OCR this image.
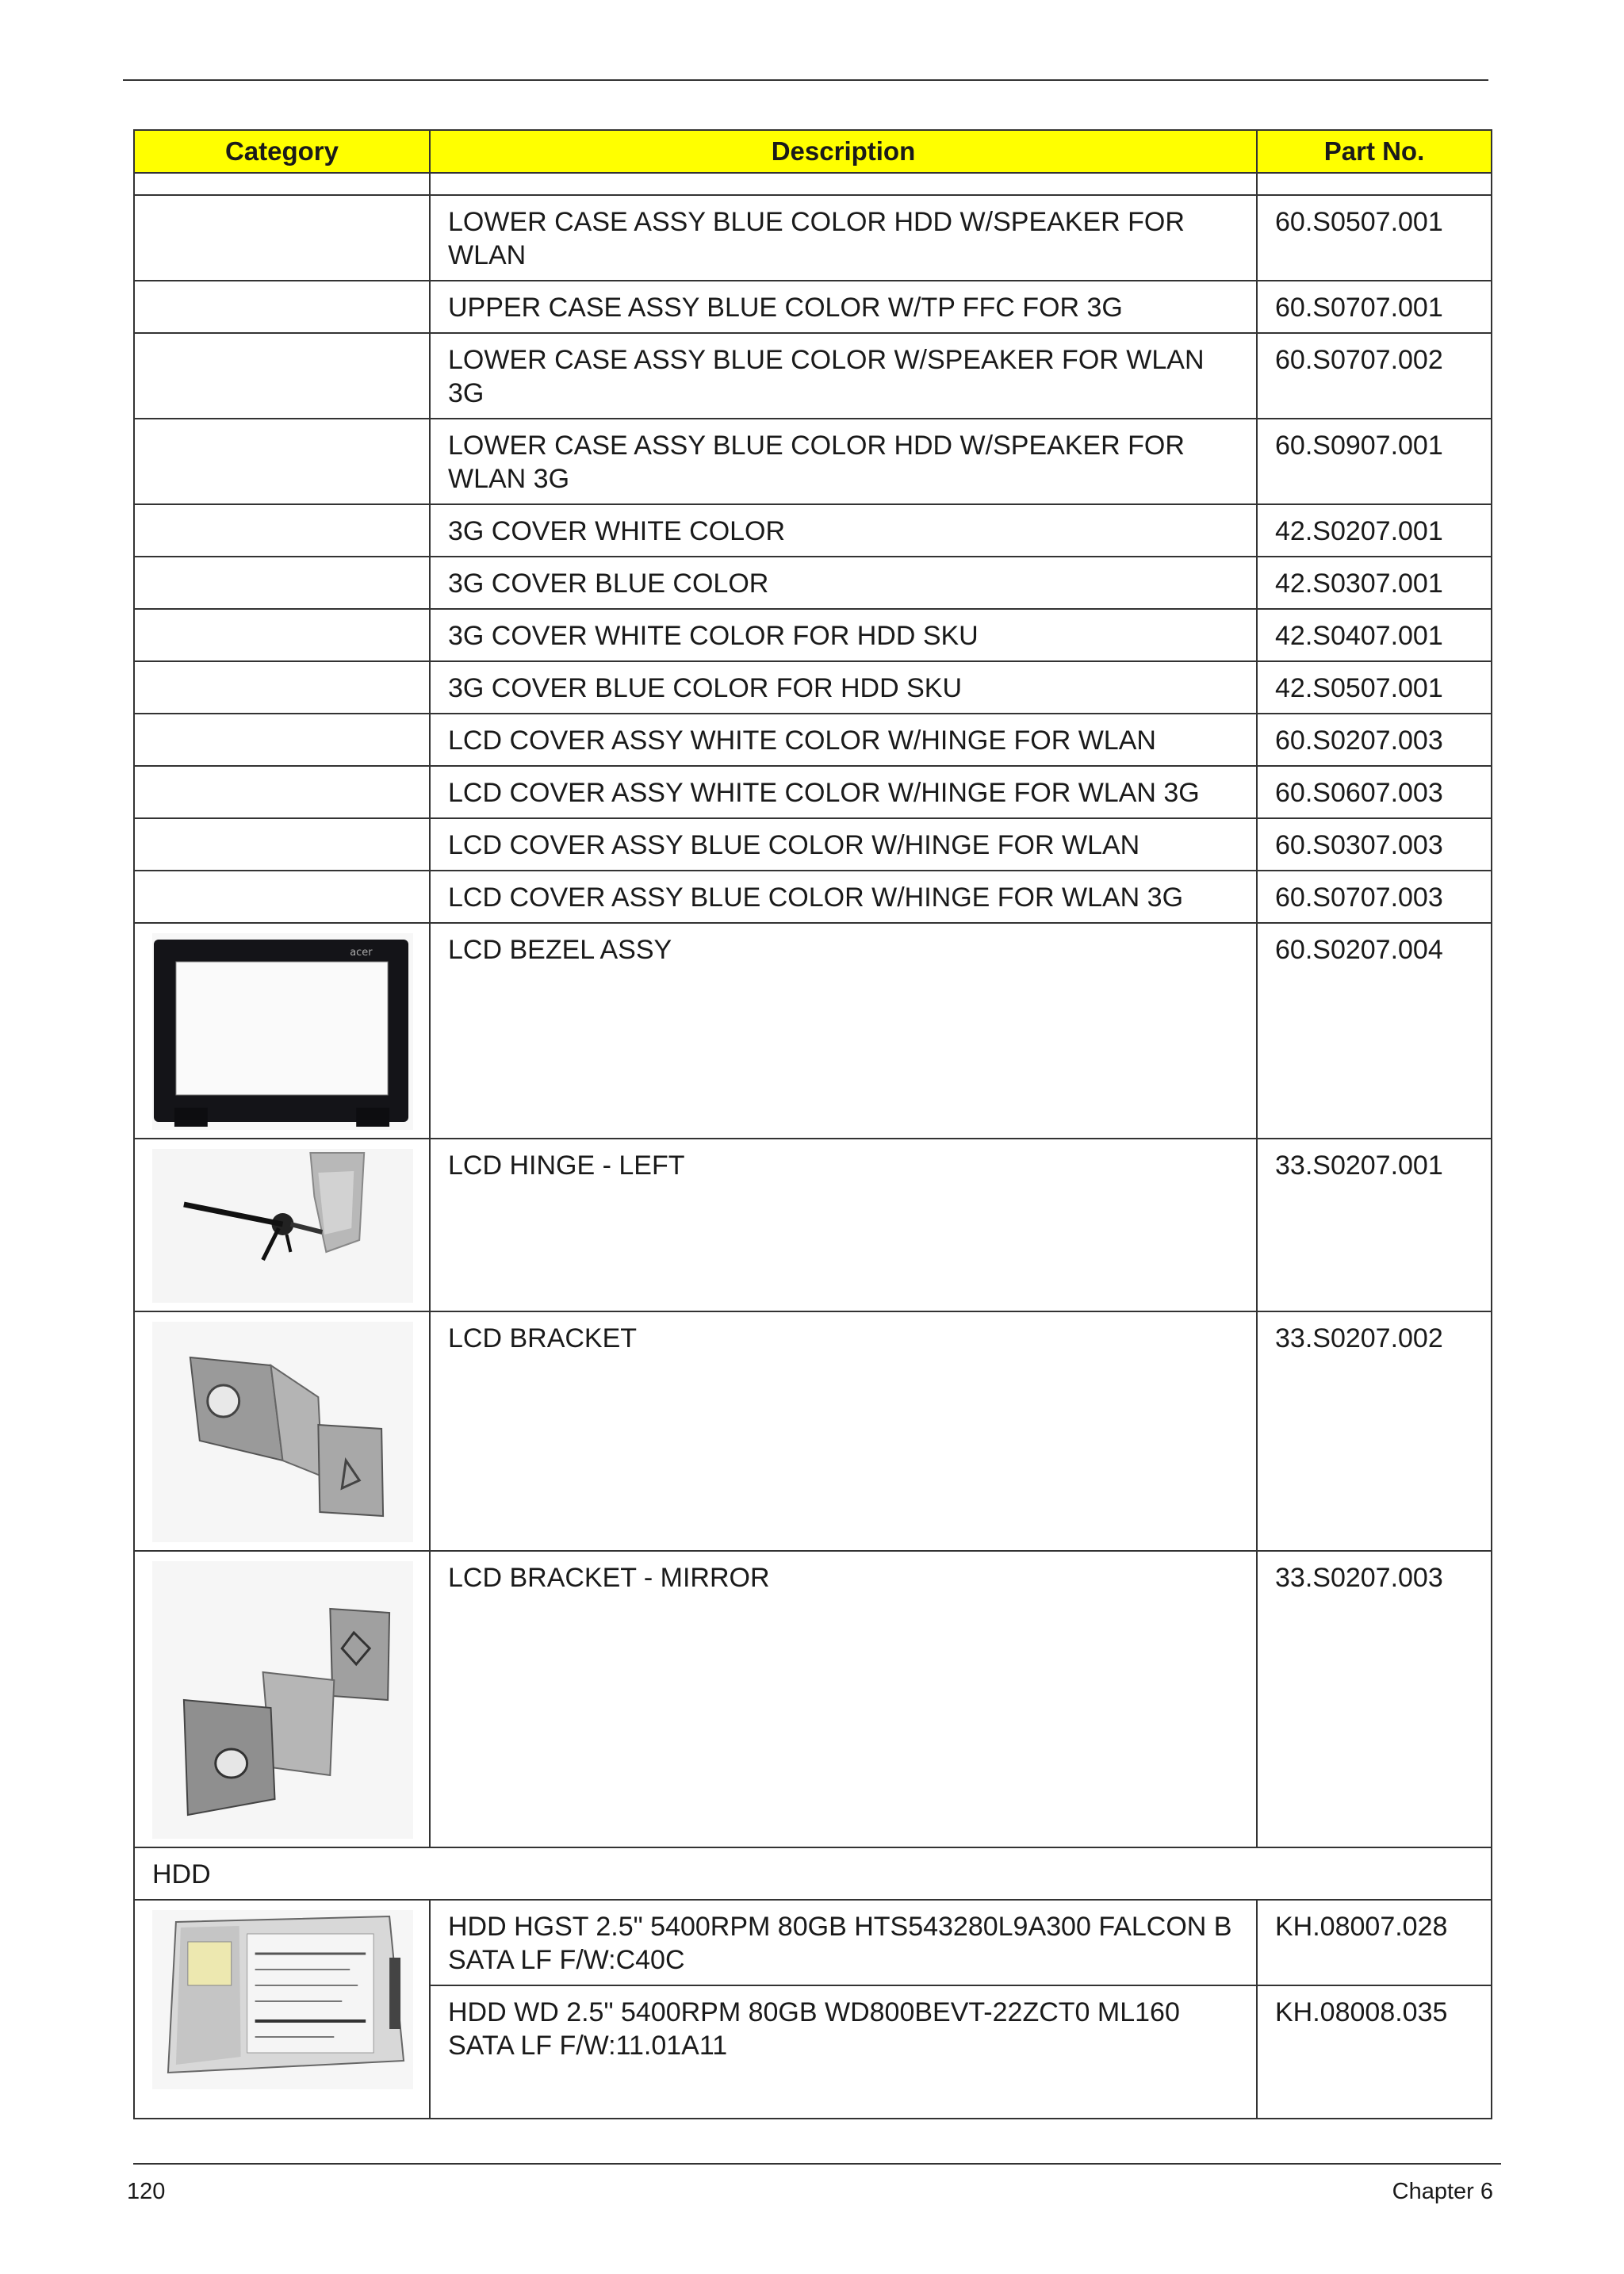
Category	Description	Part No.

	LOWER CASE ASSY BLUE COLOR HDD W/SPEAKER FOR WLAN	60.S0507.001
	UPPER CASE ASSY BLUE COLOR W/TP FFC FOR 3G	60.S0707.001
	LOWER CASE ASSY BLUE COLOR W/SPEAKER FOR WLAN 3G	60.S0707.002
	LOWER CASE ASSY BLUE COLOR HDD W/SPEAKER FOR WLAN 3G	60.S0907.001
	3G COVER WHITE COLOR	42.S0207.001
	3G COVER BLUE COLOR	42.S0307.001
	3G COVER WHITE COLOR FOR HDD SKU	42.S0407.001
	3G COVER BLUE COLOR FOR HDD SKU	42.S0507.001
	LCD COVER ASSY WHITE COLOR W/HINGE FOR WLAN	60.S0207.003
	LCD COVER ASSY WHITE COLOR W/HINGE FOR WLAN 3G	60.S0607.003
	LCD COVER ASSY BLUE COLOR W/HINGE FOR WLAN	60.S0307.003
	LCD COVER ASSY BLUE COLOR W/HINGE FOR WLAN 3G	60.S0707.003

acer	LCD BEZEL ASSY	60.S0207.004

	LCD HINGE - LEFT	33.S0207.001

	LCD BRACKET	33.S0207.002

	LCD BRACKET - MIRROR	33.S0207.003
HDD		

	HDD HGST 2.5" 5400RPM 80GB HTS543280L9A300 FALCON B SATA LF F/W:C40C	KH.08007.028
	HDD WD 2.5" 5400RPM 80GB WD800BEVT-22ZCT0 ML160 SATA LF F/W:11.01A11	KH.08008.035
120	Chapter 6
